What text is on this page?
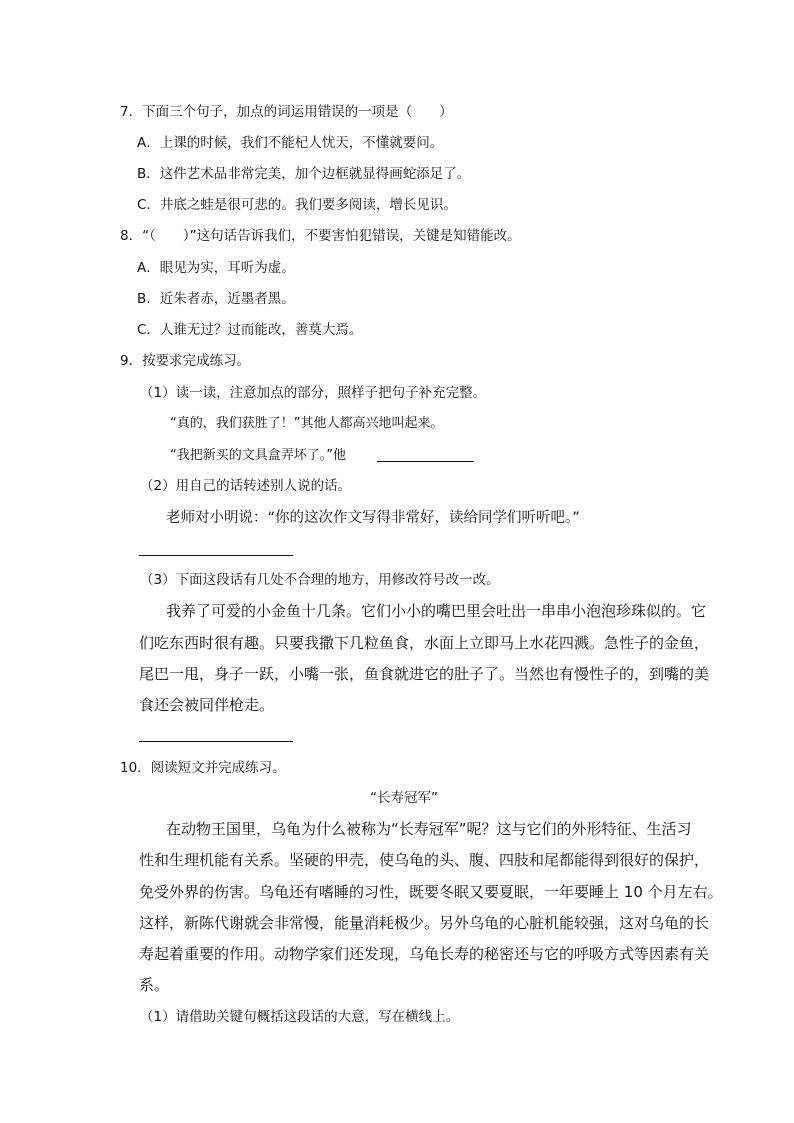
7．下面三个句子，加点的词运用错误的一项是（　　）
A．上课的时候，我们不能杞人忧天，不懂就要问。
B．这件艺术品非常完美，加个边框就显得画蛇添足了。
C．井底之蛙是很可悲的。我们要多阅读，增长见识。
8．“（　　）”这句话告诉我们，不要害怕犯错误，关键是知错能改。
A．眼见为实，耳听为虚。
B．近朱者赤，近墨者黑。
C．人谁无过？过而能改，善莫大焉。
9．按要求完成练习。
（1）读一读，注意加点的部分，照样子把句子补充完整。
“真的，我们获胜了！”其他人都高兴地叫起来。
“我把新买的文具盒弄坏了。”他
（2）用自己的话转述别人说的话。
老师对小明说：“你的这次作文写得非常好，读给同学们听听吧。”
（3）下面这段话有几处不合理的地方，用修改符号改一改。
我养了可爱的小金鱼十几条。它们小小的嘴巴里会吐出一串串小泡泡珍珠似的。它
们吃东西时很有趣。只要我撒下几粒鱼食，水面上立即马上水花四溅。急性子的金鱼，
尾巴一甩，身子一跃，小嘴一张，鱼食就进它的肚子了。当然也有慢性子的，到嘴的美
食还会被同伴枪走。
10．阅读短文并完成练习。
“长寿冠军”
在动物王国里，乌龟为什么被称为“长寿冠军”呢？这与它们的外形特征、生活习
性和生理机能有关系。坚硬的甲壳，使乌龟的头、腹、四肢和尾都能得到很好的保护，
免受外界的伤害。乌龟还有嗜睡的习性，既要冬眠又要夏眠，一年要睡上 10 个月左右。
这样，新陈代谢就会非常慢，能量消耗极少。另外乌龟的心脏机能较强，这对乌龟的长
寿起着重要的作用。动物学家们还发现，乌龟长寿的秘密还与它的呼吸方式等因素有关
系。
（1）请借助关键句概括这段话的大意，写在横线上。
